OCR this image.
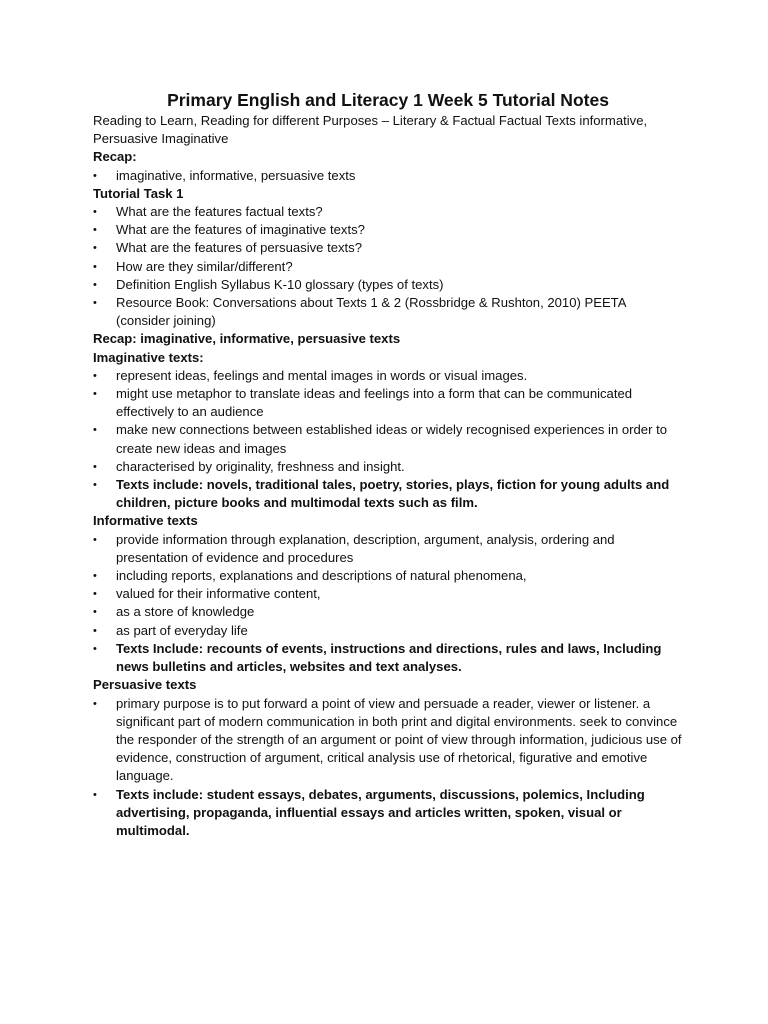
Primary English and Literacy 1 Week 5 Tutorial Notes

Reading to Learn, Reading for different Purposes – Literary & Factual Factual Texts informative, Persuasive Imaginative

Recap:
•	imaginative, informative, persuasive texts
Tutorial Task 1
•	What are the features factual texts?
•	What are the features of imaginative texts?
•	What are the features of persuasive texts?
•	How are they similar/different?
•	Definition English Syllabus K-10 glossary (types of texts)
•	Resource Book: Conversations about Texts 1 & 2 (Rossbridge & Rushton, 2010) PEETA (consider joining)
Recap: imaginative, informative, persuasive texts
Imaginative texts:
•	represent ideas, feelings and mental images in words or visual images.
•	might use metaphor to translate ideas and feelings into a form that can be communicated effectively to an audience
•	make new connections between established ideas or widely recognised experiences in order to create new ideas and images
•	characterised by originality, freshness and insight.
•	Texts include: novels, traditional tales, poetry, stories, plays, fiction for young adults and children, picture books and multimodal texts such as film.
Informative texts
•	provide information through explanation, description, argument, analysis, ordering and presentation of evidence and procedures
•	including reports, explanations and descriptions of natural phenomena,
•	valued for their informative content,
•	as a store of knowledge
•	as part of everyday life
•	Texts Include: recounts of events, instructions and directions, rules and laws, Including news bulletins and articles, websites and text analyses.
Persuasive texts
•	primary purpose is to put forward a point of view and persuade a reader, viewer or listener. a significant part of modern communication in both print and digital environments. seek to convince the responder of the strength of an argument or point of view through information, judicious use of evidence, construction of argument, critical analysis use of rhetorical, figurative and emotive language.
•	Texts include: student essays, debates, arguments, discussions, polemics, Including advertising, propaganda, influential essays and articles written, spoken, visual or multimodal.
